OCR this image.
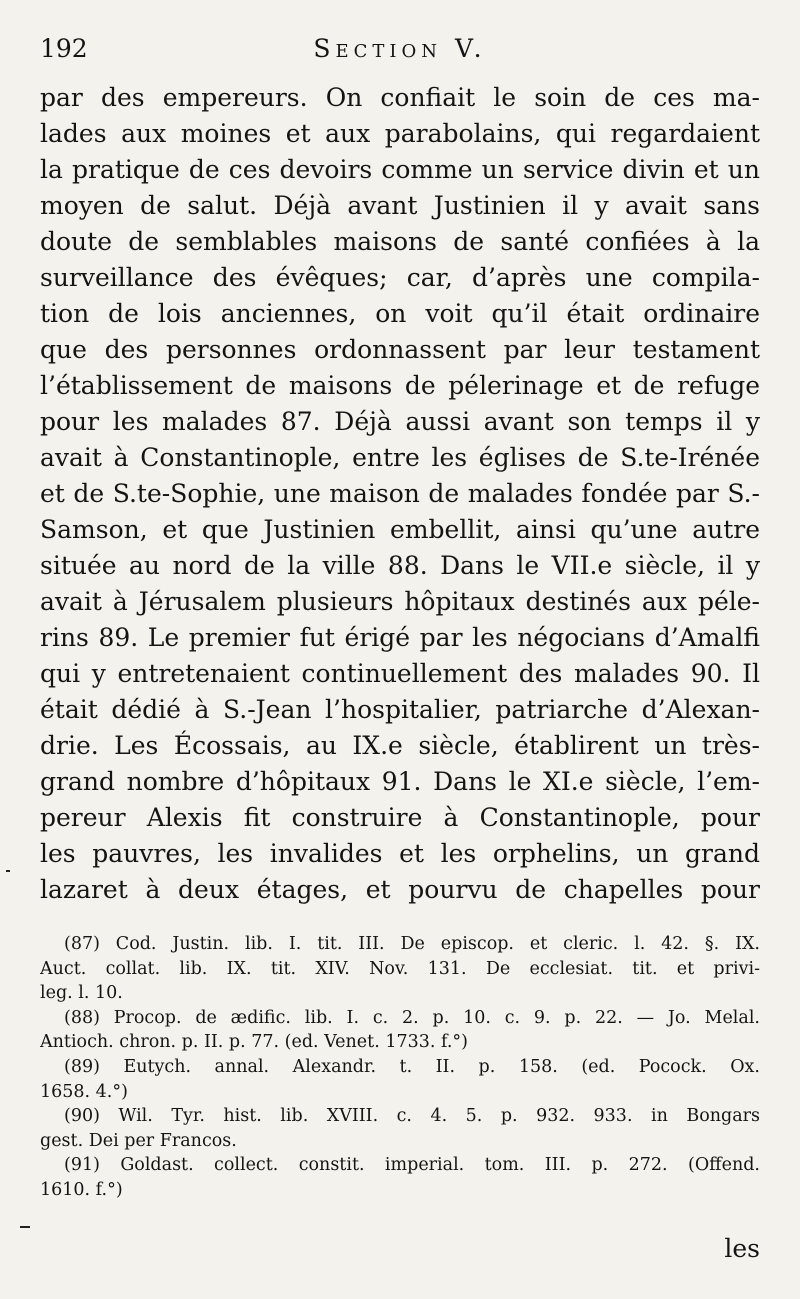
192	Section V.
par des empereurs. On confiait le soin de ces ma-
lades aux moines et aux parabolains, qui regardaient
la pratique de ces devoirs comme un service divin et un
moyen de salut. Déjà avant Justinien il y avait sans
doute de semblables maisons de santé confiées à la
surveillance des évêques; car, d’après une compila-
tion de lois anciennes, on voit qu’il était ordinaire
que des personnes ordonnassent par leur testament
l’établissement de maisons de pélerinage et de refuge
pour les malades 87. Déjà aussi avant son temps il y
avait à Constantinople, entre les églises de S.te-Irénée
et de S.te-Sophie, une maison de malades fondée par S.-
Samson, et que Justinien embellit, ainsi qu’une autre
située au nord de la ville 88. Dans le VII.e siècle, il y
avait à Jérusalem plusieurs hôpitaux destinés aux péle-
rins 89. Le premier fut érigé par les négocians d’Amalfi
qui y entretenaient continuellement des malades 90. Il
était dédié à S.-Jean l’hospitalier, patriarche d’Alexan-
drie. Les Écossais, au IX.e siècle, établirent un très-
grand nombre d’hôpitaux 91. Dans le XI.e siècle, l’em-
pereur Alexis fit construire à Constantinople, pour
les pauvres, les invalides et les orphelins, un grand
lazaret à deux étages, et pourvu de chapelles pour
(87) Cod. Justin. lib. I. tit. III. De episcop. et cleric. l. 42. §. IX.
Auct. collat. lib. IX. tit. XIV. Nov. 131. De ecclesiat. tit. et privi-
leg. l. 10.
(88) Procop. de ædific. lib. I. c. 2. p. 10. c. 9. p. 22. — Jo. Melal.
Antioch. chron. p. II. p. 77. (ed. Venet. 1733. f.°)
(89) Eutych. annal. Alexandr. t. II. p. 158. (ed. Pocock. Ox.
1658. 4.°)
(90) Wil. Tyr. hist. lib. XVIII. c. 4. 5. p. 932. 933. in Bongars
gest. Dei per Francos.
(91) Goldast. collect. constit. imperial. tom. III. p. 272. (Offend.
1610. f.°)
les
